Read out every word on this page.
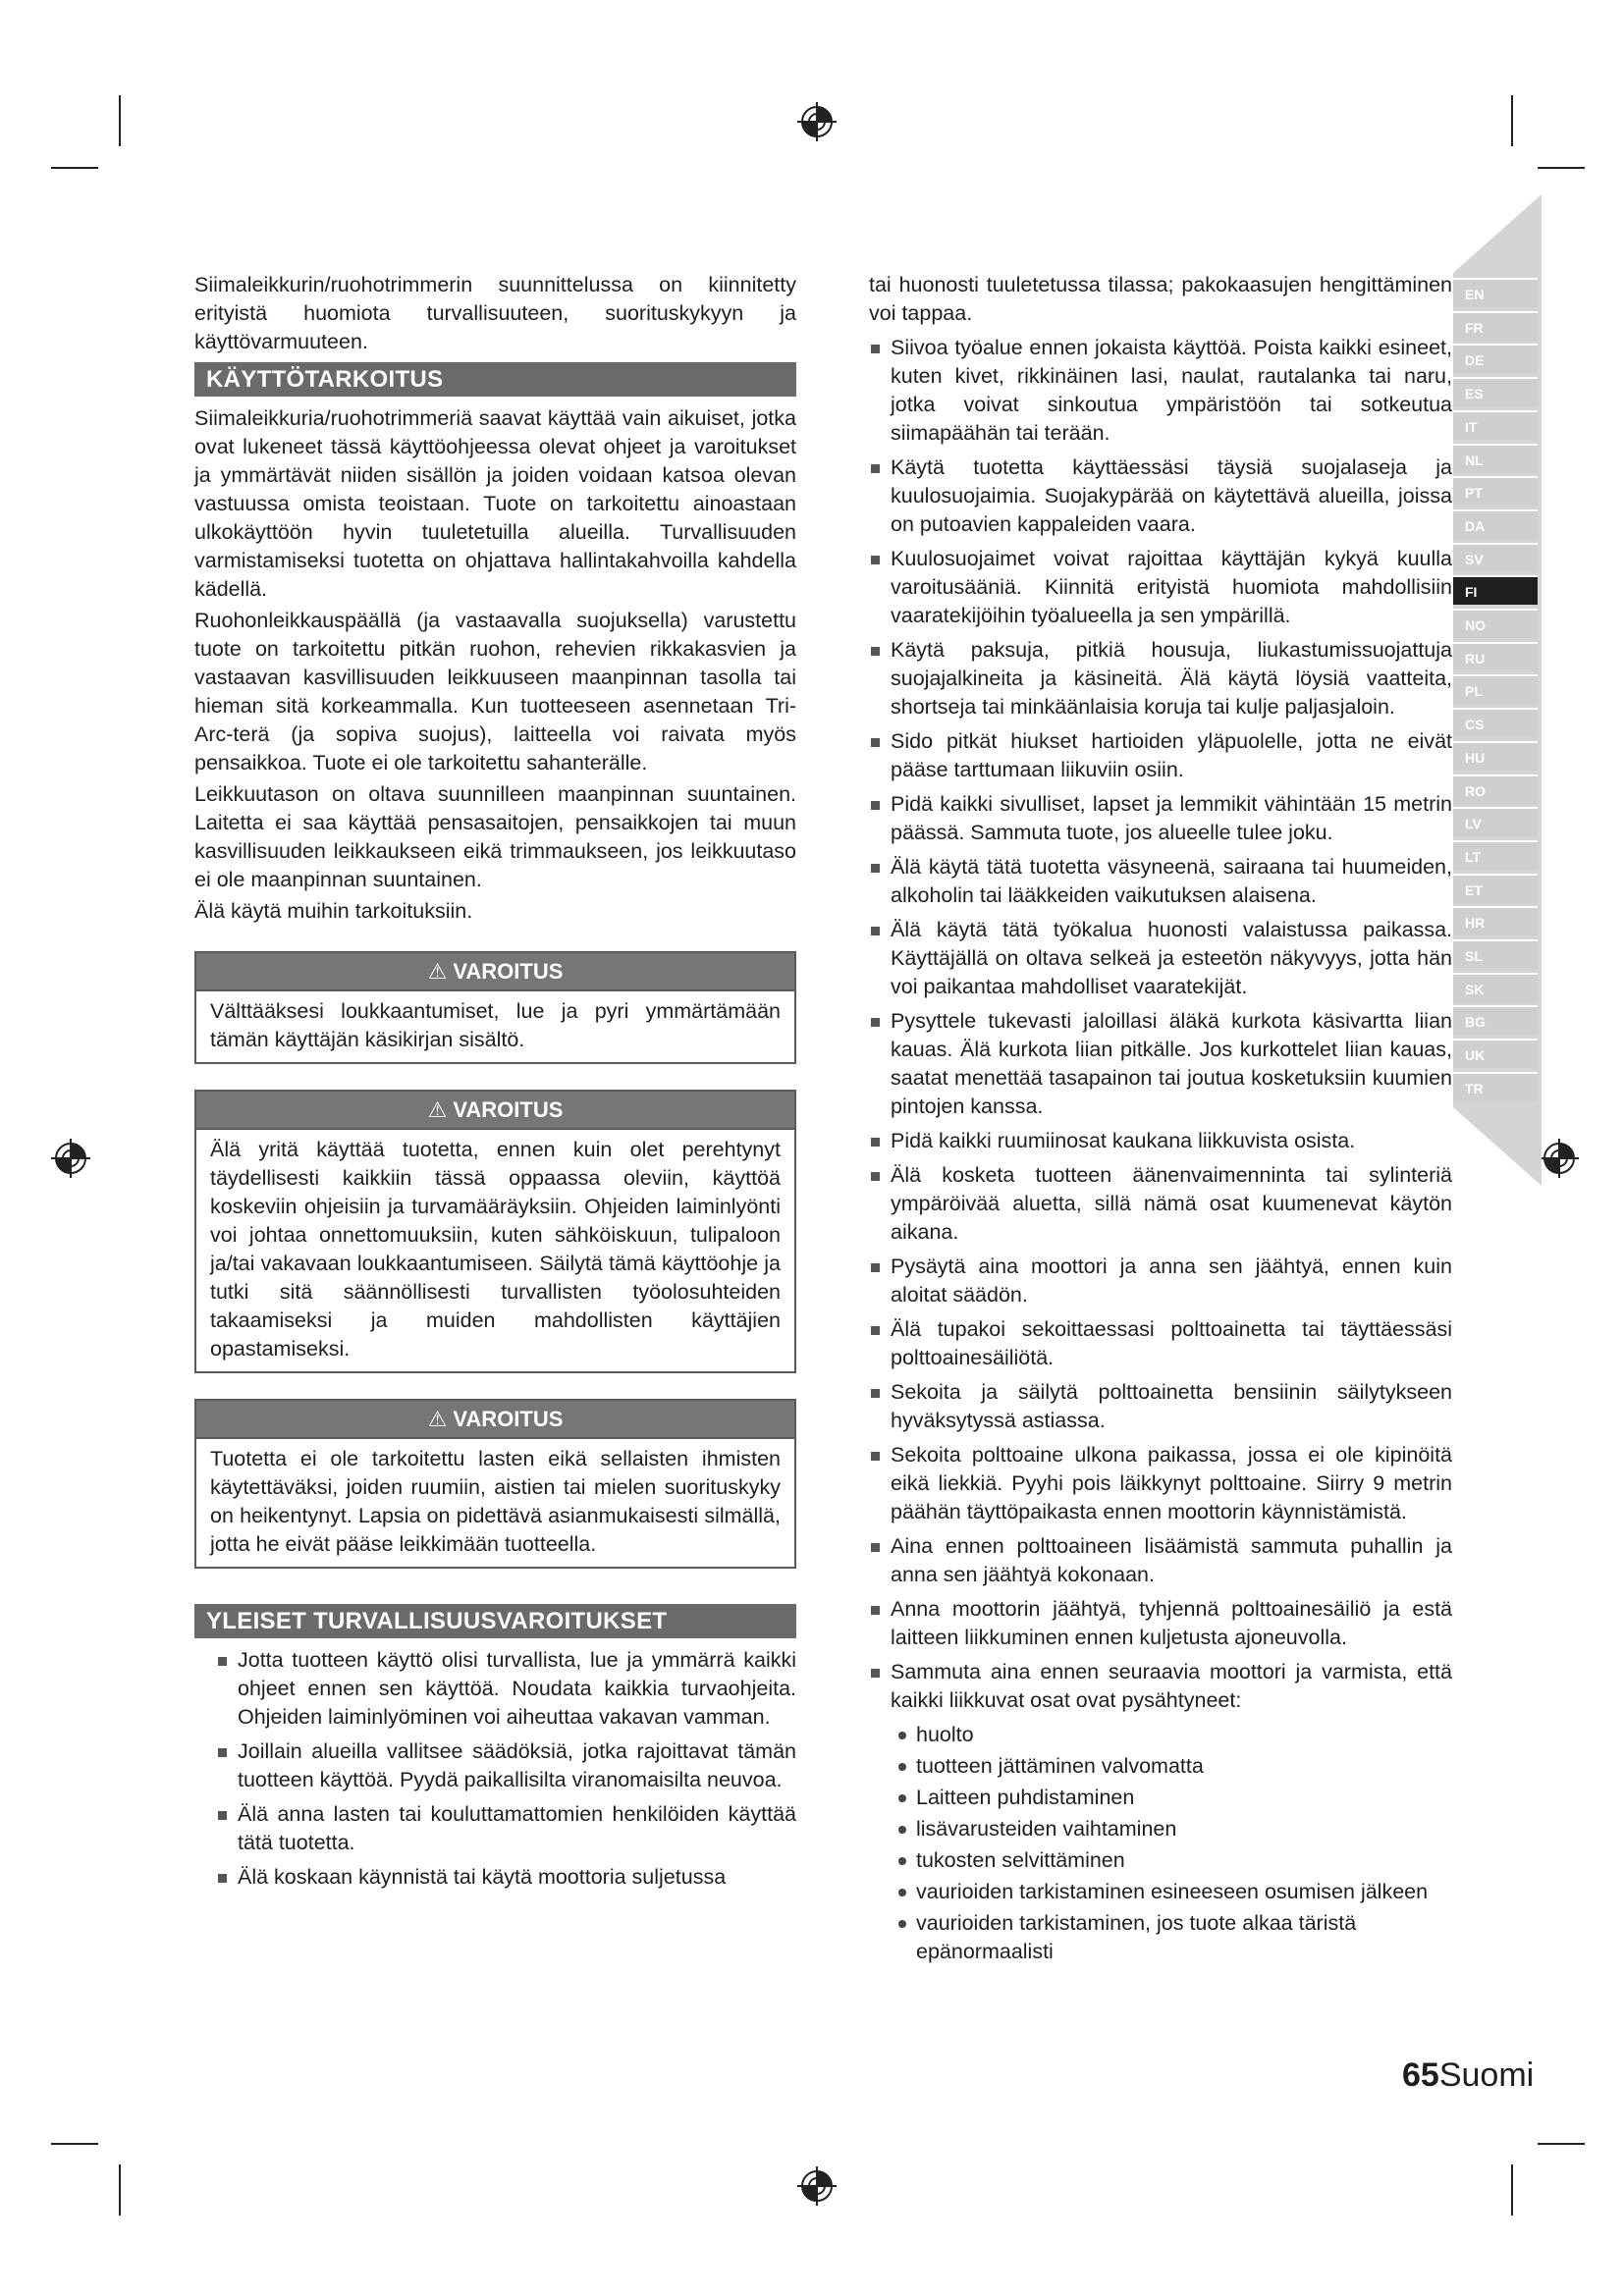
EN
FR
DE
ES
IT
NL
PT
DA
SV
FI
NO
RU
PL
CS
HU
RO
LV
LT
ET
HR
SL
SK
BG
UK
TR

Siimaleikkurin/ruohotrimmerin suunnittelussa on kiinnitetty erityistä huomiota turvallisuuteen, suorituskykyyn ja käyttövarmuuteen.

KÄYTTÖTARKOITUS

Siimaleikkuria/ruohotrimmeriä saavat käyttää vain aikuiset, jotka ovat lukeneet tässä käyttöohjeessa olevat ohjeet ja varoitukset ja ymmärtävät niiden sisällön ja joiden voidaan katsoa olevan vastuussa omista teoistaan. Tuote on tarkoitettu ainoastaan ulkokäyttöön hyvin tuuletetuilla alueilla. Turvallisuuden varmistamiseksi tuotetta on ohjattava hallintakahvoilla kahdella kädellä.

Ruohonleikkauspäällä (ja vastaavalla suojuksella) varustettu tuote on tarkoitettu pitkän ruohon, rehevien rikkakasvien ja vastaavan kasvillisuuden leikkuuseen maanpinnan tasolla tai hieman sitä korkeammalla. Kun tuotteeseen asennetaan Tri-Arc-terä (ja sopiva suojus), laitteella voi raivata myös pensaikkoa. Tuote ei ole tarkoitettu sahanterälle.

Leikkuutason on oltava suunnilleen maanpinnan suuntainen. Laitetta ei saa käyttää pensasaitojen, pensaikkojen tai muun kasvillisuuden leikkaukseen eikä trimmaukseen, jos leikkuutaso ei ole maanpinnan suuntainen.

Älä käytä muihin tarkoituksiin.

⚠ VAROITUS
Välttääksesi loukkaantumiset, lue ja pyri ymmärtämään tämän käyttäjän käsikirjan sisältö.
⚠ VAROITUS
Älä yritä käyttää tuotetta, ennen kuin olet perehtynyt täydellisesti kaikkiin tässä oppaassa oleviin, käyttöä koskeviin ohjeisiin ja turvamääräyksiin. Ohjeiden laiminlyönti voi johtaa onnettomuuksiin, kuten sähköiskuun, tulipaloon ja/tai vakavaan loukkaantumiseen. Säilytä tämä käyttöohje ja tutki sitä säännöllisesti turvallisten työolosuhteiden takaamiseksi ja muiden mahdollisten käyttäjien opastamiseksi.
⚠ VAROITUS
Tuotetta ei ole tarkoitettu lasten eikä sellaisten ihmisten käytettäväksi, joiden ruumiin, aistien tai mielen suorituskyky on heikentynyt. Lapsia on pidettävä asianmukaisesti silmällä, jotta he eivät pääse leikkimään tuotteella.
YLEISET TURVALLISUUSVAROITUKSET
Jotta tuotteen käyttö olisi turvallista, lue ja ymmärrä kaikki ohjeet ennen sen käyttöä. Noudata kaikkia turvaohjeita. Ohjeiden laiminlyöminen voi aiheuttaa vakavan vamman.
Joillain alueilla vallitsee säädöksiä, jotka rajoittavat tämän tuotteen käyttöä. Pyydä paikallisilta viranomaisilta neuvoa.
Älä anna lasten tai kouluttamattomien henkilöiden käyttää tätä tuotetta.
Älä koskaan käynnistä tai käytä moottoria suljetussa

tai huonosti tuuletetussa tilassa; pakokaasujen hengittäminen voi tappaa.

Siivoa työalue ennen jokaista käyttöä. Poista kaikki esineet, kuten kivet, rikkinäinen lasi, naulat, rautalanka tai naru, jotka voivat sinkoutua ympäristöön tai sotkeutua siimapäähän tai terään.
Käytä tuotetta käyttäessäsi täysiä suojalaseja ja kuulosuojaimia. Suojakypärää on käytettävä alueilla, joissa on putoavien kappaleiden vaara.
Kuulosuojaimet voivat rajoittaa käyttäjän kykyä kuulla varoitusääniä. Kiinnitä erityistä huomiota mahdollisiin vaaratekijöihin työalueella ja sen ympärillä.
Käytä paksuja, pitkiä housuja, liukastumissuojattuja suojajalkineita ja käsineitä. Älä käytä löysiä vaatteita, shortseja tai minkäänlaisia koruja tai kulje paljasjaloin.
Sido pitkät hiukset hartioiden yläpuolelle, jotta ne eivät pääse tarttumaan liikuviin osiin.
Pidä kaikki sivulliset, lapset ja lemmikit vähintään 15 metrin päässä. Sammuta tuote, jos alueelle tulee joku.
Älä käytä tätä tuotetta väsyneenä, sairaana tai huumeiden, alkoholin tai lääkkeiden vaikutuksen alaisena.
Älä käytä tätä työkalua huonosti valaistussa paikassa. Käyttäjällä on oltava selkeä ja esteetön näkyvyys, jotta hän voi paikantaa mahdolliset vaaratekijät.
Pysyttele tukevasti jaloillasi äläkä kurkota käsivartta liian kauas. Älä kurkota liian pitkälle. Jos kurkottelet liian kauas, saatat menettää tasapainon tai joutua kosketuksiin kuumien pintojen kanssa.
Pidä kaikki ruumiinosat kaukana liikkuvista osista.
Älä kosketa tuotteen äänenvaimenninta tai sylinteriä ympäröivää aluetta, sillä nämä osat kuumenevat käytön aikana.
Pysäytä aina moottori ja anna sen jäähtyä, ennen kuin aloitat säädön.
Älä tupakoi sekoittaessasi polttoainetta tai täyttäessäsi polttoainesäiliötä.
Sekoita ja säilytä polttoainetta bensiinin säilytykseen hyväksytyssä astiassa.
Sekoita polttoaine ulkona paikassa, jossa ei ole kipinöitä eikä liekkiä. Pyyhi pois läikkynyt polttoaine. Siirry 9 metrin päähän täyttöpaikasta ennen moottorin käynnistämistä.
Aina ennen polttoaineen lisäämistä sammuta puhallin ja anna sen jäähtyä kokonaan.
Anna moottorin jäähtyä, tyhjennä polttoainesäiliö ja estä laitteen liikkuminen ennen kuljetusta ajoneuvolla.
Sammuta aina ennen seuraavia moottori ja varmista, että kaikki liikkuvat osat ovat pysähtyneet:
huolto
tuotteen jättäminen valvomatta
Laitteen puhdistaminen
lisävarusteiden vaihtaminen
tukosten selvittäminen
vaurioiden tarkistaminen esineeseen osumisen jälkeen
vaurioiden tarkistaminen, jos tuote alkaa täristä epänormaalisti
65Suomi
